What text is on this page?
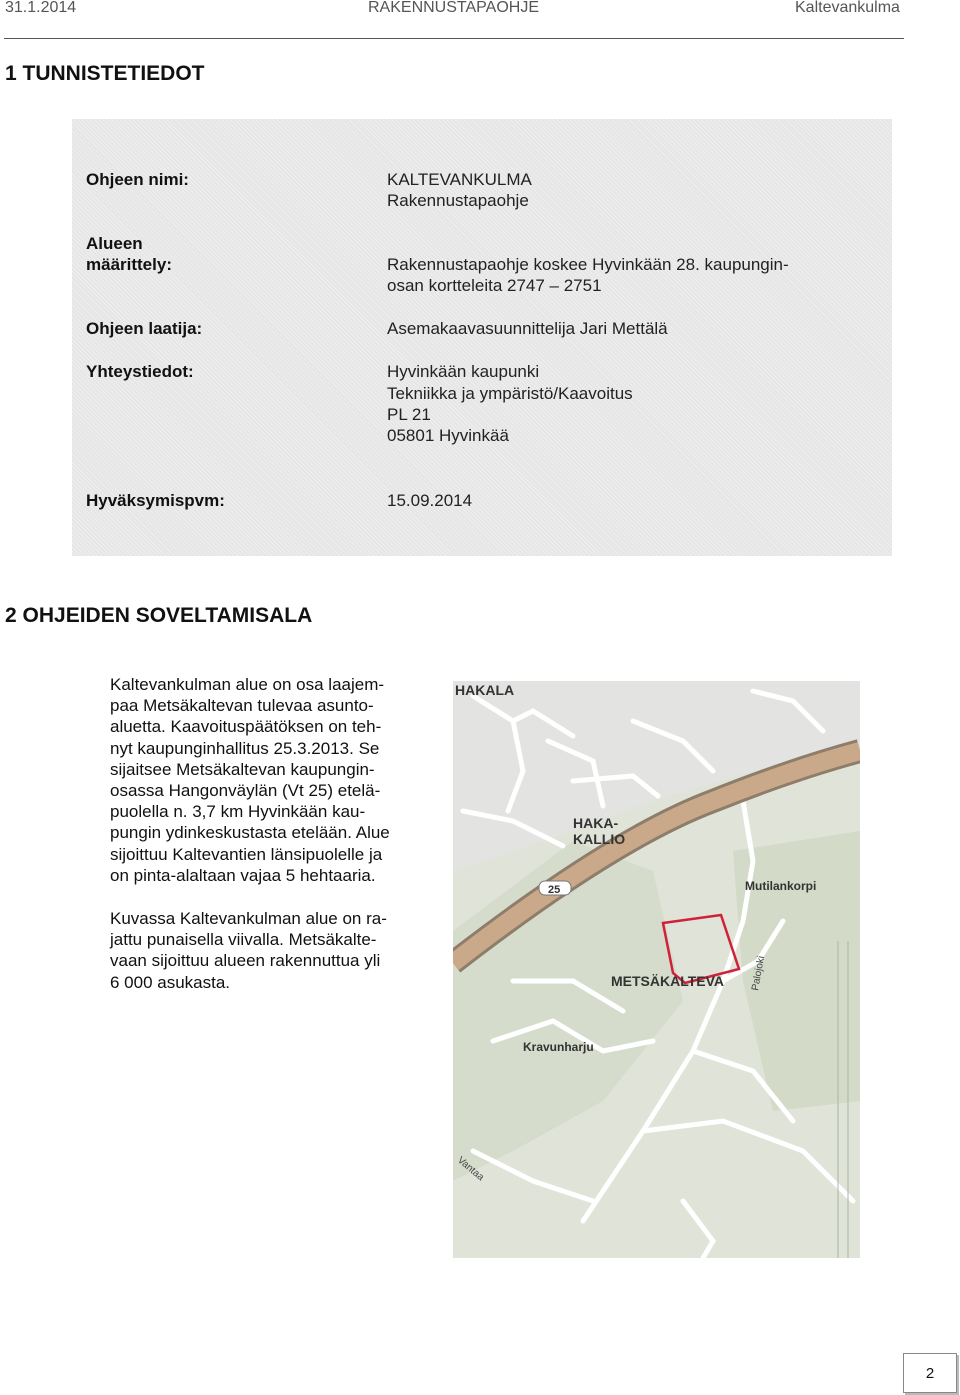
31.1.2014	RAKENNUSTAPAOHJE	Kaltevankulma
1 TUNNISTETIEDOT
Ohjeen nimi:	KALTEVANKULMA
Rakennustapaohje
Alueen
määrittely:	Rakennustapaohje koskee Hyvinkään 28. kaupungin-
osan kortteleita 2747 – 2751
Ohjeen laatija:	Asemakaavasuunnittelija Jari Mettälä
Yhteystiedot:	Hyvinkään kaupunki
Tekniikka ja ympäristö/Kaavoitus
PL 21
05801 Hyvinkää
Hyväksymispvm:	15.09.2014
2 OHJEIDEN SOVELTAMISALA
Kaltevankulman alue on osa laajem-
paa Metsäkaltevan tulevaa asunto-
aluetta. Kaavoituspäätöksen on teh-
nyt kaupunginhallitus 25.3.2013. Se
sijaitsee Metsäkaltevan kaupungin-
osassa Hangonväylän (Vt 25) etelä-
puolella n. 3,7 km Hyvinkään kau-
pungin ydinkeskustasta etelään. Alue
sijoittuu Kaltevantien länsipuolelle ja
on pinta-alaltaan vajaa 5 hehtaaria.
Kuvassa Kaltevankulman alue on ra-
jattu punaisella viivalla. Metsäkalte-
vaan sijoittuu alueen rakennuttua yli
6 000 asukasta.
HAKALA
HAKA-
KALLIO
25	Mutilankorpi
METSÄKALTEVA
Kravunharju
Palojoki
Vantaa
2
